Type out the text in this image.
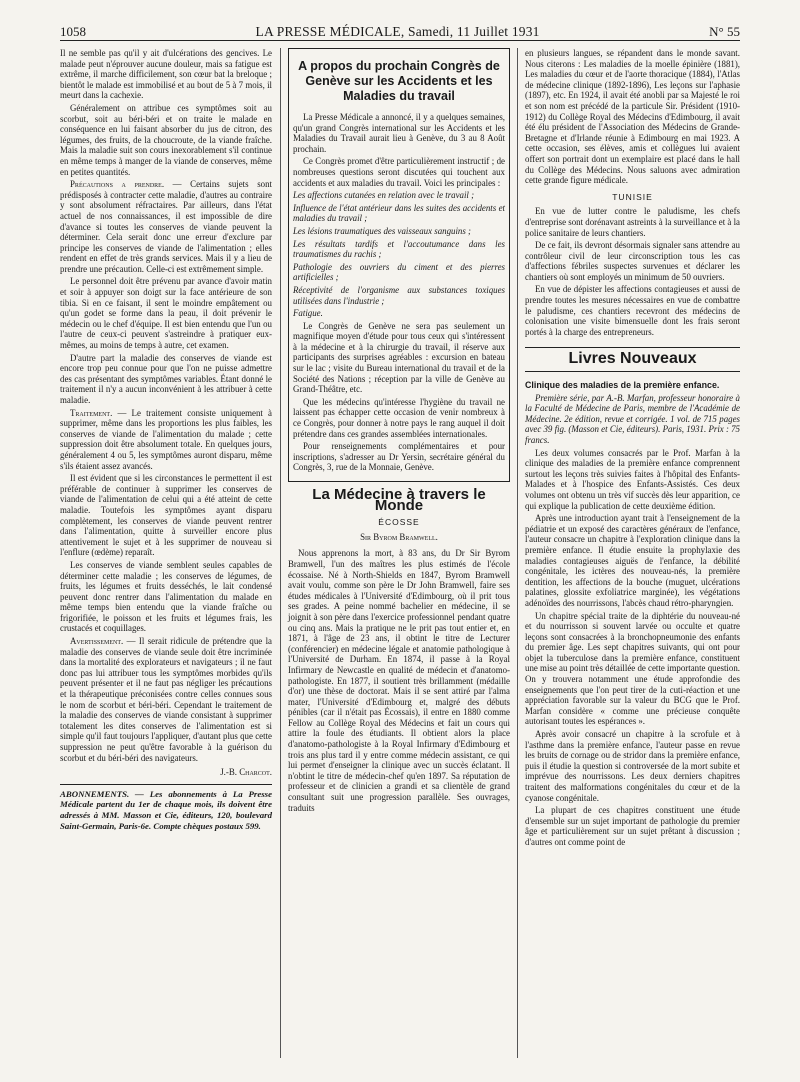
1058	LA PRESSE MÉDICALE, Samedi, 11 Juillet 1931	N° 55

Il ne semble pas qu'il y ait d'ulcérations des gencives. Le malade peut n'éprouver aucune douleur, mais sa fatigue est extrême, il marche difficilement, son cœur bat la breloque ; bientôt le malade est immobilisé et au bout de 5 à 7 mois, il meurt dans la cachexie.

Généralement on attribue ces symptômes soit au scorbut, soit au béri-béri et on traite le malade en conséquence en lui faisant absorber du jus de citron, des légumes, des fruits, de la choucroute, de la viande fraîche. Mais la maladie suit son cours inexorablement s'il continue en même temps à manger de la viande de conserves, même en petites quantités.

Précautions a prendre. — Certains sujets sont prédisposés à contracter cette maladie, d'autres au contraire y sont absolument réfractaires. Par ailleurs, dans l'état actuel de nos connaissances, il est impossible de dire d'avance si toutes les conserves de viande peuvent la déterminer. Cela serait donc une erreur d'exclure par principe les conserves de viande de l'alimentation ; elles rendent en effet de très grands services. Mais il y a lieu de prendre une précaution. Celle-ci est extrêmement simple.

Le personnel doit être prévenu par avance d'avoir matin et soir à appuyer son doigt sur la face antérieure de son tibia. Si en ce faisant, il sent le moindre empâtement ou qu'un godet se forme dans la peau, il doit prévenir le médecin ou le chef d'équipe. Il est bien entendu que l'un ou l'autre de ceux-ci peuvent s'astreindre à pratiquer eux-mêmes, au moins de temps à autre, cet examen.

D'autre part la maladie des conserves de viande est encore trop peu connue pour que l'on ne puisse admettre des cas présentant des symptômes variables. Étant donné le traitement il n'y a aucun inconvénient à les attribuer à cette maladie.

Traitement. — Le traitement consiste uniquement à supprimer, même dans les proportions les plus faibles, les conserves de viande de l'alimentation du malade ; cette suppression doit être absolument totale. En quelques jours, généralement 4 ou 5, les symptômes auront disparu, même s'ils étaient assez avancés.

Il est évident que si les circonstances le permettent il est préférable de continuer à supprimer les conserves de viande de l'alimentation de celui qui a été atteint de cette maladie. Toutefois les symptômes ayant disparu complètement, les conserves de viande peuvent rentrer dans l'alimentation, quitte à surveiller encore plus attentivement le sujet et à les supprimer de nouveau si l'enflure (œdème) reparaît.

Les conserves de viande semblent seules capables de déterminer cette maladie ; les conserves de légumes, de fruits, les légumes et fruits desséchés, le lait condensé peuvent donc rentrer dans l'alimentation du malade en même temps bien entendu que la viande fraîche ou frigorifiée, le poisson et les fruits et légumes frais, les crustacés et coquillages.

Avertissement. — Il serait ridicule de prétendre que la maladie des conserves de viande seule doit être incriminée dans la mortalité des explorateurs et navigateurs ; il ne faut donc pas lui attribuer tous les symptômes morbides qu'ils peuvent présenter et il ne faut pas négliger les précautions et la thérapeutique préconisées contre celles connues sous le nom de scorbut et béri-béri. Cependant le traitement de la maladie des conserves de viande consistant à supprimer totalement les dites conserves de l'alimentation est si simple qu'il faut toujours l'appliquer, d'autant plus que cette suppression ne peut qu'être favorable à la guérison du scorbut et du béri-béri des navigateurs.

J.-B. Charcot.

ABONNEMENTS. — Les abonnements à La Presse Médicale partent du 1er de chaque mois, ils doivent être adressés à MM. Masson et Cie, éditeurs, 120, boulevard Saint-Germain, Paris-6e. Compte chèques postaux 599.

A propos du prochain Congrès de Genève sur les Accidents et les Maladies du travail

La Presse Médicale a annoncé, il y a quelques semaines, qu'un grand Congrès international sur les Accidents et les Maladies du Travail aurait lieu à Genève, du 3 au 8 Août prochain.

Ce Congrès promet d'être particulièrement instructif ; de nombreuses questions seront discutées qui touchent aux accidents et aux maladies du travail. Voici les principales :

Les affections cutanées en relation avec le travail ;

Influence de l'état antérieur dans les suites des accidents et maladies du travail ;

Les lésions traumatiques des vaisseaux sanguins ;

Les résultats tardifs et l'accoutumance dans les traumatismes du rachis ;

Pathologie des ouvriers du ciment et des pierres artificielles ;

Réceptivité de l'organisme aux substances toxiques utilisées dans l'industrie ;

Fatigue.

Le Congrès de Genève ne sera pas seulement un magnifique moyen d'étude pour tous ceux qui s'intéressent à la médecine et à la chirurgie du travail, il réserve aux participants des surprises agréables : excursion en bateau sur le lac ; visite du Bureau international du travail et de la Société des Nations ; réception par la ville de Genève au Grand-Théâtre, etc.

Que les médecins qu'intéresse l'hygiène du travail ne laissent pas échapper cette occasion de venir nombreux à ce Congrès, pour donner à notre pays le rang auquel il doit prétendre dans ces grandes assemblées internationales.

Pour renseignements complémentaires et pour inscriptions, s'adresser au Dr Yersin, secrétaire général du Congrès, 3, rue de la Monnaie, Genève.

La Médecine à travers le Monde

ÉCOSSE

Sir Byrom Bramwell.

Nous apprenons la mort, à 83 ans, du Dr Sir Byrom Bramwell, l'un des maîtres les plus estimés de l'école écossaise. Né à North-Shields en 1847, Byrom Bramwell avait voulu, comme son père le Dr John Bramwell, faire ses études médicales à l'Université d'Edimbourg, où il prit tous ses grades. A peine nommé bachelier en médecine, il se joignit à son père dans l'exercice professionnel pendant quatre ou cinq ans. Mais la pratique ne le prit pas tout entier et, en 1871, à l'âge de 23 ans, il obtint le titre de Lecturer (conférencier) en médecine légale et anatomie pathologique à l'Université de Durham. En 1874, il passe à la Royal Infirmary de Newcastle en qualité de médecin et d'anatomo-pathologiste. En 1877, il soutient très brillamment (médaille d'or) une thèse de doctorat. Mais il se sent attiré par l'alma mater, l'Université d'Edimbourg et, malgré des débuts pénibles (car il n'était pas Écossais), il entre en 1880 comme Fellow au Collège Royal des Médecins et fait un cours qui attire la foule des étudiants. Il obtient alors la place d'anatomo-pathologiste à la Royal Infirmary d'Edimbourg et trois ans plus tard il y entre comme médecin assistant, ce qui lui permet d'enseigner la clinique avec un succès éclatant. Il n'obtint le titre de médecin-chef qu'en 1897. Sa réputation de professeur et de clinicien a grandi et sa clientèle de grand consultant suit une progression parallèle. Ses ouvrages, traduits

en plusieurs langues, se répandent dans le monde savant. Nous citerons : Les maladies de la moelle épinière (1881), Les maladies du cœur et de l'aorte thoracique (1884), l'Atlas de médecine clinique (1892-1896), Les leçons sur l'aphasie (1897), etc. En 1924, il avait été anobli par sa Majesté le roi et son nom est précédé de la particule Sir. Président (1910-1912) du Collège Royal des Médecins d'Edimbourg, il avait été élu président de l'Association des Médecins de Grande-Bretagne et d'Irlande réunie à Edimbourg en mai 1923. A cette occasion, ses élèves, amis et collègues lui avaient offert son portrait dont un exemplaire est placé dans le hall du Collège des Médecins. Nous saluons avec admiration cette grande figure médicale.

TUNISIE

En vue de lutter contre le paludisme, les chefs d'entreprise sont dorénavant astreints à la surveillance et à la police sanitaire de leurs chantiers.

De ce fait, ils devront désormais signaler sans attendre au contrôleur civil de leur circonscription tous les cas d'affections fébriles suspectes survenues et déclarer les chantiers où sont employés un minimum de 50 ouvriers.

En vue de dépister les affections contagieuses et aussi de prendre toutes les mesures nécessaires en vue de combattre le paludisme, ces chantiers recevront des médecins de colonisation une visite bimensuelle dont les frais seront portés à la charge des entrepreneurs.

Livres Nouveaux

Clinique des maladies de la première enfance.

Première série, par A.-B. Marfan, professeur honoraire à la Faculté de Médecine de Paris, membre de l'Académie de Médecine. 2e édition, revue et corrigée. 1 vol. de 715 pages avec 39 fig. (Masson et Cie, éditeurs). Paris, 1931. Prix : 75 francs.

Les deux volumes consacrés par le Prof. Marfan à la clinique des maladies de la première enfance comprennent surtout les leçons très suivies faites à l'hôpital des Enfants-Malades et à l'hospice des Enfants-Assistés. Ces deux volumes ont obtenu un très vif succès dès leur apparition, ce qui explique la publication de cette deuxième édition.

Après une introduction ayant trait à l'enseignement de la pédiatrie et un exposé des caractères généraux de l'enfance, l'auteur consacre un chapitre à l'exploration clinique dans la première enfance. Il étudie ensuite la prophylaxie des maladies contagieuses aiguës de l'enfance, la débilité congénitale, les ictères des nouveau-nés, la première dentition, les affections de la bouche (muguet, ulcérations palatines, glossite exfoliatrice marginée), les végétations adénoïdes des nourrissons, l'abcès chaud rétro-pharyngien.

Un chapitre spécial traite de la diphtérie du nouveau-né et du nourrisson si souvent larvée ou occulte et quatre leçons sont consacrées à la bronchopneumonie des enfants du premier âge. Les sept chapitres suivants, qui ont pour objet la tuberculose dans la première enfance, constituent une mise au point très détaillée de cette importante question. On y trouvera notamment une étude approfondie des enseignements que l'on peut tirer de la cuti-réaction et une appréciation favorable sur la valeur du BCG que le Prof. Marfan considère « comme une précieuse conquête autorisant toutes les espérances ».

Après avoir consacré un chapitre à la scrofule et à l'asthme dans la première enfance, l'auteur passe en revue les bruits de cornage ou de stridor dans la première enfance, puis il étudie la question si controversée de la mort subite et imprévue des nourrissons. Les deux derniers chapitres traitent des malformations congénitales du cœur et de la cyanose congénitale.

La plupart de ces chapitres constituent une étude d'ensemble sur un sujet important de pathologie du premier âge et particulièrement sur un sujet prêtant à discussion ; d'autres ont comme point de
